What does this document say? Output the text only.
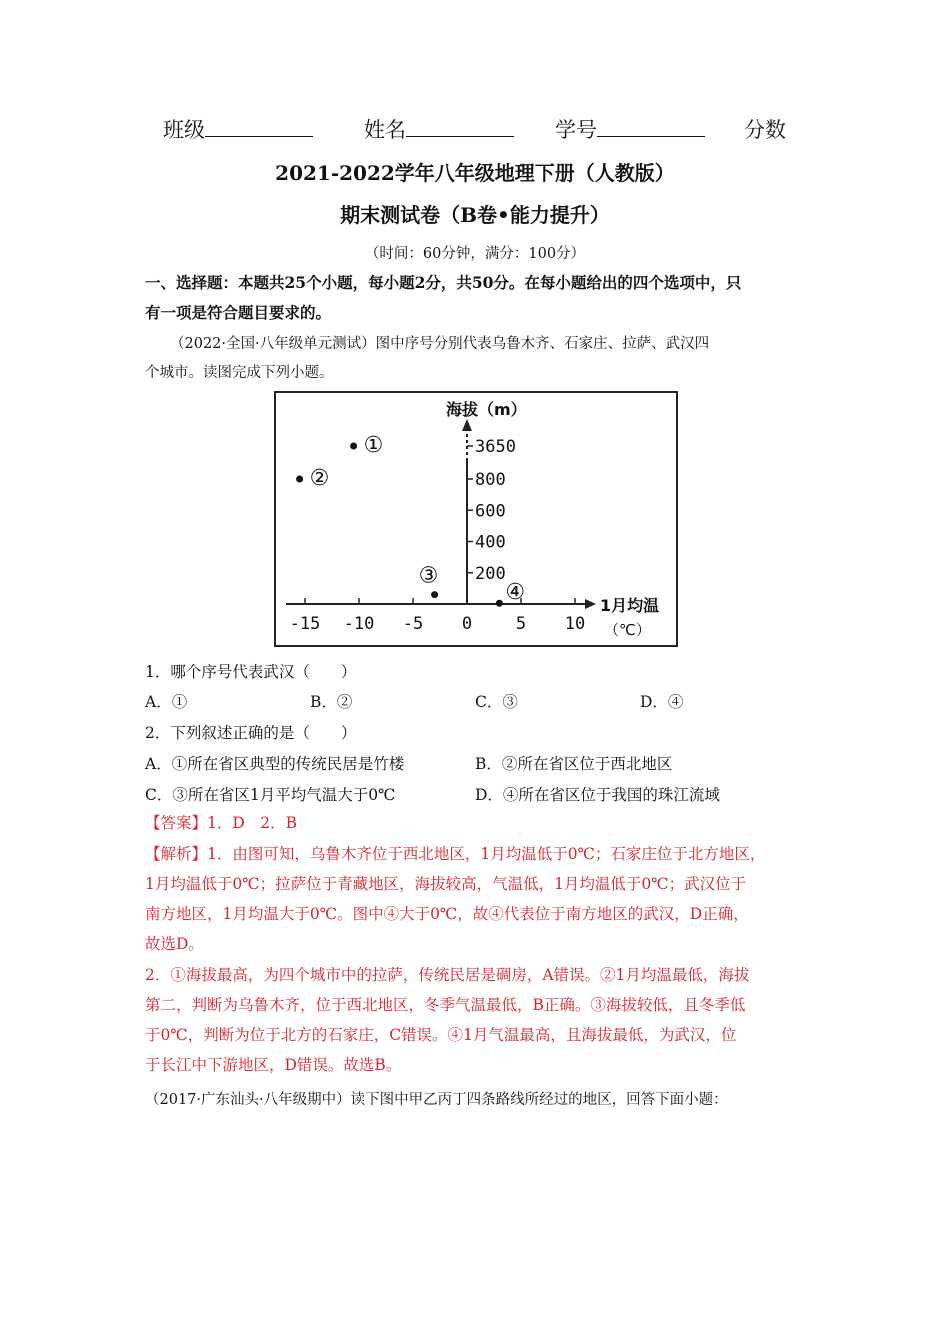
班级	姓名	学号	分数
2021-2022学年八年级地理下册（人教版）
期末测试卷（B卷•能力提升）
（时间：60分钟，满分：100分）
一、选择题：本题共25个小题，每小题2分，共50分。在每小题给出的四个选项中，只
有一项是符合题目要求的。
（2022·全国·八年级单元测试）图中序号分别代表乌鲁木齐、石家庄、拉萨、武汉四
个城市。读图完成下列小题。
-15 -10 -5 0	5 10
200
400
600
800
3650
海拔（m）
1月均温
（℃）
①
②
③
④
1．哪个序号代表武汉（　　）
A．①	B．②	C．③	D．④
2．下列叙述正确的是（　　）
A．①所在省区典型的传统民居是竹楼	B．②所在省区位于西北地区
C．③所在省区1月平均气温大于0℃	D．④所在省区位于我国的珠江流域
【答案】1．D　2．B
【解析】1．由图可知，乌鲁木齐位于西北地区，1月均温低于0℃；石家庄位于北方地区，
1月均温低于0℃；拉萨位于青藏地区，海拔较高，气温低，1月均温低于0℃；武汉位于
南方地区，1月均温大于0℃。图中④大于0℃，故④代表位于南方地区的武汉，D正确，
故选D。
2．①海拔最高，为四个城市中的拉萨，传统民居是碉房，A错误。②1月均温最低，海拔
第二，判断为乌鲁木齐，位于西北地区，冬季气温最低，B正确。③海拔较低，且冬季低
于0℃，判断为位于北方的石家庄，C错误。④1月气温最高，且海拔最低，为武汉，位
于长江中下游地区，D错误。故选B。
（2017·广东汕头·八年级期中）读下图中甲乙丙丁四条路线所经过的地区，回答下面小题：
